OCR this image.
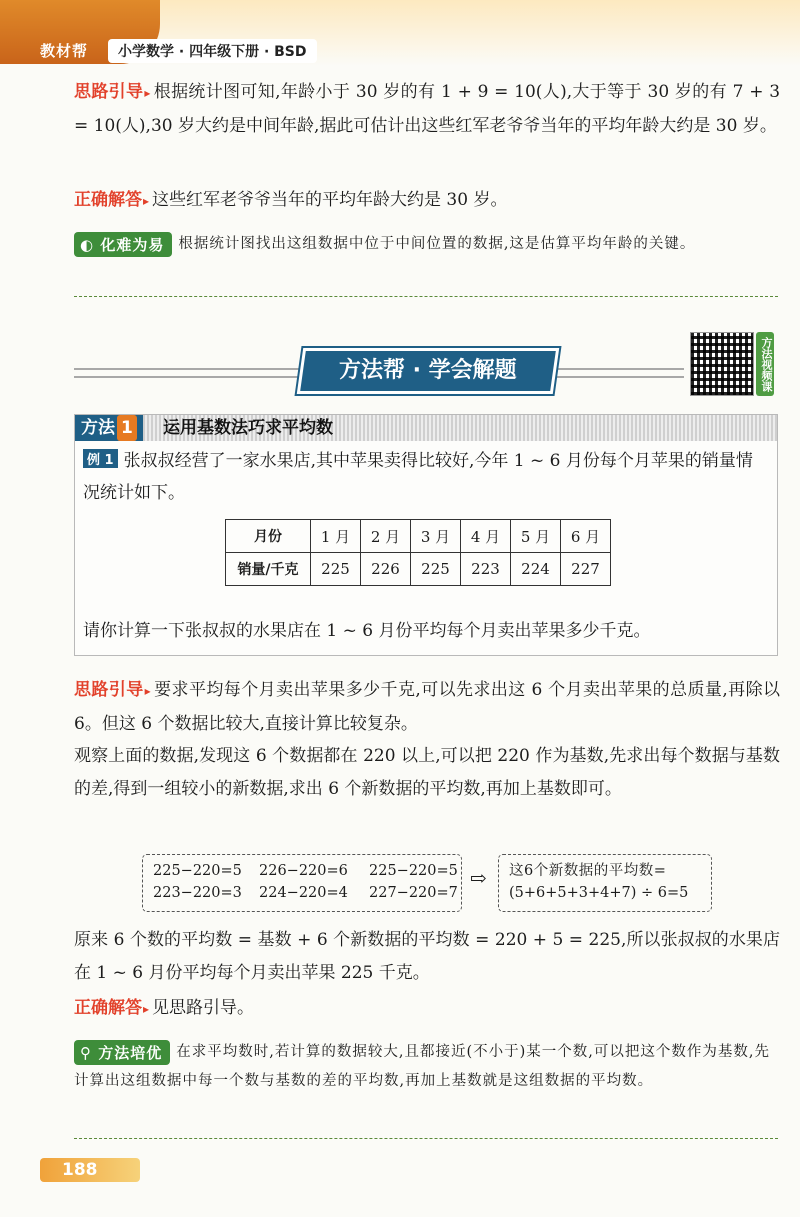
教材帮	小学数学 · 四年级下册 · BSD
思路引导▸ 根据统计图可知,年龄小于 30 岁的有 1 + 9 = 10(人),大于等于 30 岁的有 7 + 3 = 10(人),30 岁大约是中间年龄,据此可估计出这些红军老爷爷当年的平均年龄大约是 30 岁。
正确解答▸ 这些红军老爷爷当年的平均年龄大约是 30 岁。
◐ 化难为易 根据统计图找出这组数据中位于中间位置的数据,这是估算平均年龄的关键。
方法帮 · 学会解题	方法视频课
方法 1	运用基数法巧求平均数
例 1 张叔叔经营了一家水果店,其中苹果卖得比较好,今年 1 ~ 6 月份每个月苹果的销量情况统计如下。
月份	1 月	2 月	3 月	4 月	5 月	6 月
销量/千克	225	226	225	223	224	227
请你计算一下张叔叔的水果店在 1 ~ 6 月份平均每个月卖出苹果多少千克。
思路引导▸ 要求平均每个月卖出苹果多少千克,可以先求出这 6 个月卖出苹果的总质量,再除以 6。但这 6 个数据比较大,直接计算比较复杂。
观察上面的数据,发现这 6 个数据都在 220 以上,可以把 220 作为基数,先求出每个数据与基数的差,得到一组较小的新数据,求出 6 个新数据的平均数,再加上基数即可。
225−220=5 226−220=6 225−220=5
223−220=3 224−220=4 227−220=7
⇨ 这6个新数据的平均数=
(5+6+5+3+4+7) ÷ 6=5
原来 6 个数的平均数 = 基数 + 6 个新数据的平均数 = 220 + 5 = 225,所以张叔叔的水果店在 1 ~ 6 月份平均每个月卖出苹果 225 千克。
正确解答▸ 见思路引导。
⚲ 方法培优 在求平均数时,若计算的数据较大,且都接近(不小于)某一个数,可以把这个数作为基数,先计算出这组数据中每一个数与基数的差的平均数,再加上基数就是这组数据的平均数。
188
